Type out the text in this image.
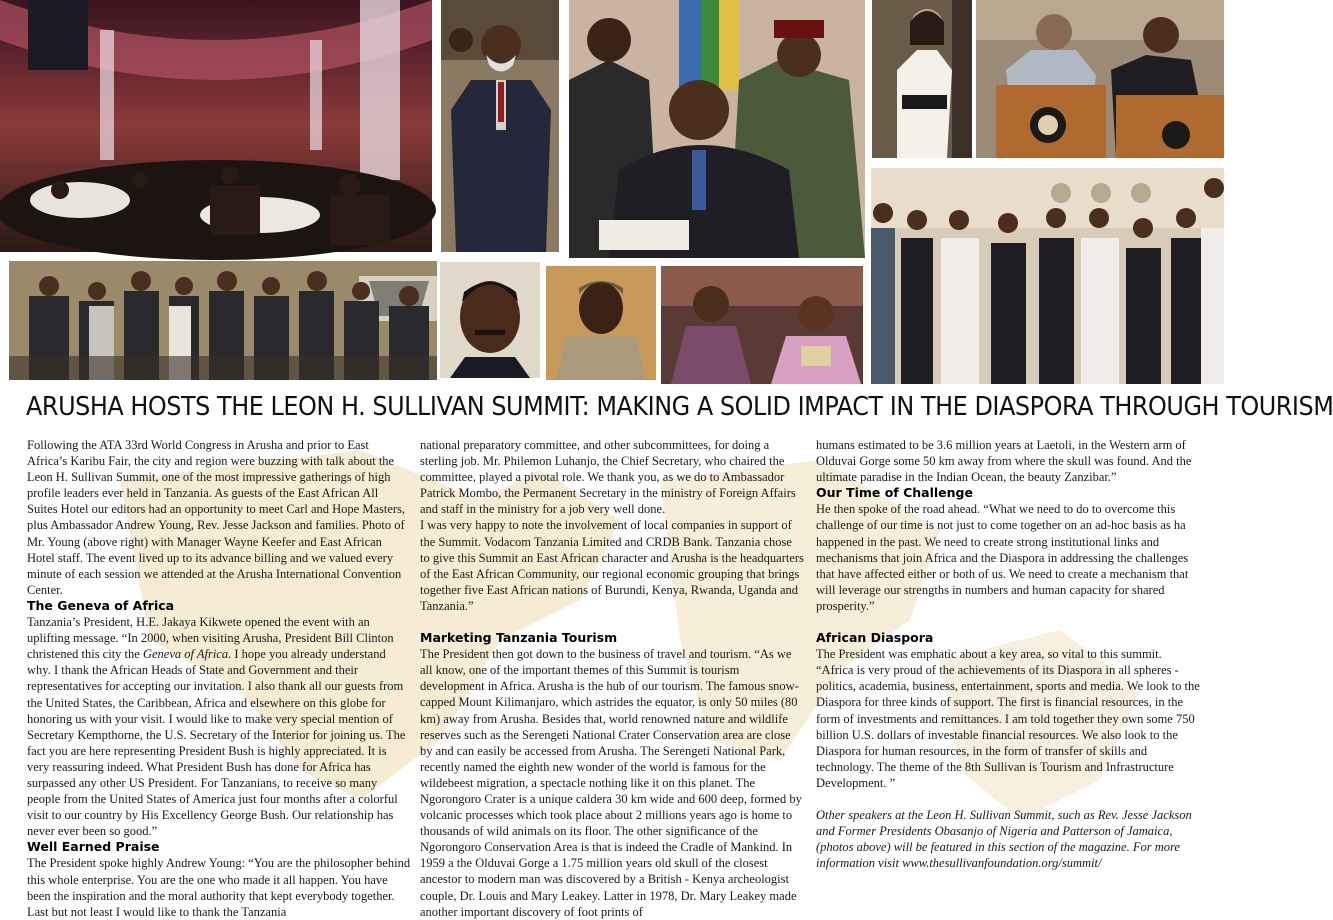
ARUSHA HOSTS THE LEON H. SULLIVAN SUMMIT: MAKING A SOLID IMPACT IN THE DIASPORA THROUGH TOURISM

Following the ATA 33rd World Congress in Arusha and prior to East Africa’s Karibu Fair, the city and region were buzzing with talk about the Leon H. Sullivan Summit, one of the most impressive gatherings of high profile leaders ever held in Tanzania. As guests of the East African All Suites Hotel our editors had an opportunity to meet Carl and Hope Masters, plus Ambassador Andrew Young, Rev. Jesse Jackson and families. Photo of Mr. Young (above right) with Manager Wayne Keefer and East African Hotel staff. The event lived up to its advance billing and we valued every minute of each session we attended at the Arusha International Convention Center.

The Geneva of Africa

Tanzania’s President, H.E. Jakaya Kikwete opened the event with an uplifting message. “In 2000, when visiting Arusha, President Bill Clinton christened this city the Geneva of Africa. I hope you already understand why. I thank the African Heads of State and Government and their representatives for accepting our invitation. I also thank all our guests from the United States, the Caribbean, Africa and elsewhere on this globe for honoring us with your visit. I would like to make very special mention of Secretary Kempthorne, the U.S. Secretary of the Interior for joining us. The fact you are here representing President Bush is highly appreciated. It is very reassuring indeed. What President Bush has done for Africa has surpassed any other US President. For Tanzanians, to receive so many people from the United States of America just four months after a colorful visit to our country by His Excellency George Bush. Our relationship has never ever been so good.”

Well Earned Praise

The President spoke highly Andrew Young: “You are the philosopher behind this whole enterprise. You are the one who made it all happen. You have been the inspiration and the moral authority that kept everybody together. Last but not least I would like to thank the Tanzania

national preparatory committee, and other subcommittees, for doing a sterling job. Mr. Philemon Luhanjo, the Chief Secretary, who chaired the committee, played a pivotal role. We thank you, as we do to Ambassador Patrick Mombo, the Permanent Secretary in the ministry of Foreign Affairs and staff in the ministry for a job very well done.

I was very happy to note the involvement of local companies in support of the Summit. Vodacom Tanzania Limited and CRDB Bank. Tanzania chose to give this Summit an East African character and Arusha is the headquarters of the East African Community, our regional economic grouping that brings together five East African nations of Burundi, Kenya, Rwanda, Uganda and Tanzania.”

Marketing Tanzania Tourism

The President then got down to the business of travel and tourism. “As we all know, one of the important themes of this Summit is tourism development in Africa. Arusha is the hub of our tourism. The famous snow-capped Mount Kilimanjaro, which astrides the equator, is only 50 miles (80 km) away from Arusha. Besides that, world renowned nature and wildlife reserves such as the Serengeti National Crater Conservation area are close by and can easily be accessed from Arusha. The Serengeti National Park, recently named the eighth new wonder of the world is famous for the wildebeest migration, a spectacle nothing like it on this planet. The Ngorongoro Crater is a unique caldera 30 km wide and 600 deep, formed by volcanic processes which took place about 2 millions years ago is home to thousands of wild animals on its floor. The other significance of the Ngorongoro Conservation Area is that is indeed the Cradle of Mankind. In 1959 a the Olduvai Gorge a 1.75 million years old skull of the closest ancestor to modern man was discovered by a British - Kenya archeologist couple, Dr. Louis and Mary Leakey. Latter in 1978, Dr. Mary Leakey made another important discovery of foot prints of

humans estimated to be 3.6 million years at Laetoli, in the Western arm of Olduvai Gorge some 50 km away from where the skull was found. And the ultimate paradise in the Indian Ocean, the beauty Zanzibar.”

Our Time of Challenge

He then spoke of the road ahead. “What we need to do to overcome this challenge of our time is not just to come together on an ad-hoc basis as ha happened in the past. We need to create strong institutional links and mechanisms that join Africa and the Diaspora in addressing the challenges that have affected either or both of us. We need to create a mechanism that will leverage our strengths in numbers and human capacity for shared prosperity.”

African Diaspora

The President was emphatic about a key area, so vital to this summit. “Africa is very proud of the achievements of its Diaspora in all spheres - politics, academia, business, entertainment, sports and media. We look to the Diaspora for three kinds of support. The first is financial resources, in the form of investments and remittances. I am told together they own some 750 billion U.S. dollars of investable financial resources. We also look to the Diaspora for human resources, in the form of transfer of skills and technology. The theme of the 8th Sullivan is Tourism and Infrastructure Development. ”

Other speakers at the Leon H. Sullivan Summit, such as Rev. Jesse Jackson and Former Presidents Obasanjo of Nigeria and Patterson of Jamaica, (photos above) will be featured in this section of the magazine. For more information visit www.thesullivanfoundation.org/summit/
